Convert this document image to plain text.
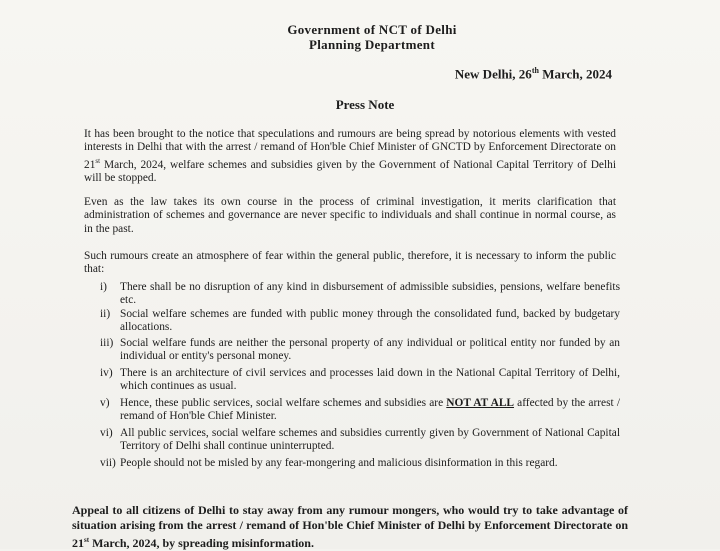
Government of NCT of Delhi
Planning Department
New Delhi, 26th March, 2024
Press Note
It has been brought to the notice that speculations and rumours are being spread by notorious elements with vested interests in Delhi that with the arrest / remand of Hon'ble Chief Minister of GNCTD by Enforcement Directorate on 21st March, 2024, welfare schemes and subsidies given by the Government of National Capital Territory of Delhi will be stopped.
Even as the law takes its own course in the process of criminal investigation, it merits clarification that administration of schemes and governance are never specific to individuals and shall continue in normal course, as in the past.
Such rumours create an atmosphere of fear within the general public, therefore, it is necessary to inform the public that:
i) There shall be no disruption of any kind in disbursement of admissible subsidies, pensions, welfare benefits etc.
ii) Social welfare schemes are funded with public money through the consolidated fund, backed by budgetary allocations.
iii) Social welfare funds are neither the personal property of any individual or political entity nor funded by an individual or entity's personal money.
iv) There is an architecture of civil services and processes laid down in the National Capital Territory of Delhi, which continues as usual.
v) Hence, these public services, social welfare schemes and subsidies are NOT AT ALL affected by the arrest / remand of Hon'ble Chief Minister.
vi) All public services, social welfare schemes and subsidies currently given by Government of National Capital Territory of Delhi shall continue uninterrupted.
vii) People should not be misled by any fear-mongering and malicious disinformation in this regard.
Appeal to all citizens of Delhi to stay away from any rumour mongers, who would try to take advantage of situation arising from the arrest / remand of Hon'ble Chief Minister of Delhi by Enforcement Directorate on 21st March, 2024, by spreading misinformation.
